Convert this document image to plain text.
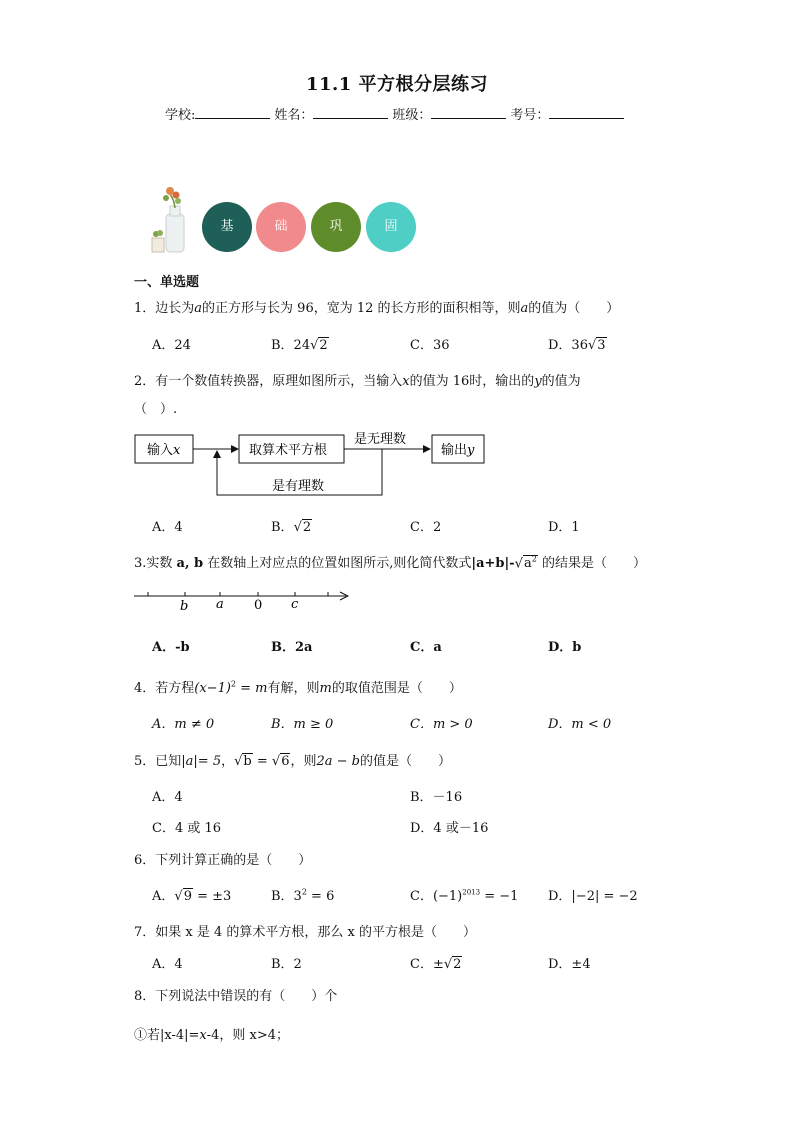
11.1 平方根分层练习
学校:	姓名：	班级：	考号：
基	础	巩	固
一、单选题
1．边长为a的正方形与长为 96，宽为 12 的长方形的面积相等，则a的值为（　　）
A．24	B．24√2	C．36	D．36√3
2．有一个数值转换器，原理如图所示，当输入x的值为 16时，输出的y的值为
（　）.
输入x	取算术平方根
是无理数
输出y
是有理数
A．4	B．√2	C．2	D．1
3.实数 a, b 在数轴上对应点的位置如图所示,则化简代数式$|a+b|-√a^2$ 的结果是（　　）
b a 0 c
A．-b	B．2a	C．a	D．b
4．若方程$(x-1)^2 = m$有解，则m的取值范围是（　　）
A．m ≠ 0	B．m ≥ 0	C．m > 0	D．m < 0
5．已知|a|= 5，√b = √6，则2a − b的值是（　　）
A．4	B．－16
C．4 或 16	D．4 或－16
6．下列计算正确的是（　　）
A．√9 = ±3	B．$3^2 = 6$	C．$(-1)^{2013} = -1$ D．|−2| = −2
7．如果 x 是 4 的算术平方根，那么 x 的平方根是（　　）
A．4	B．2	C．±√2	D．±4
8．下列说法中错误的有（　　）个
①若|x-4|=x-4，则 x>4；
